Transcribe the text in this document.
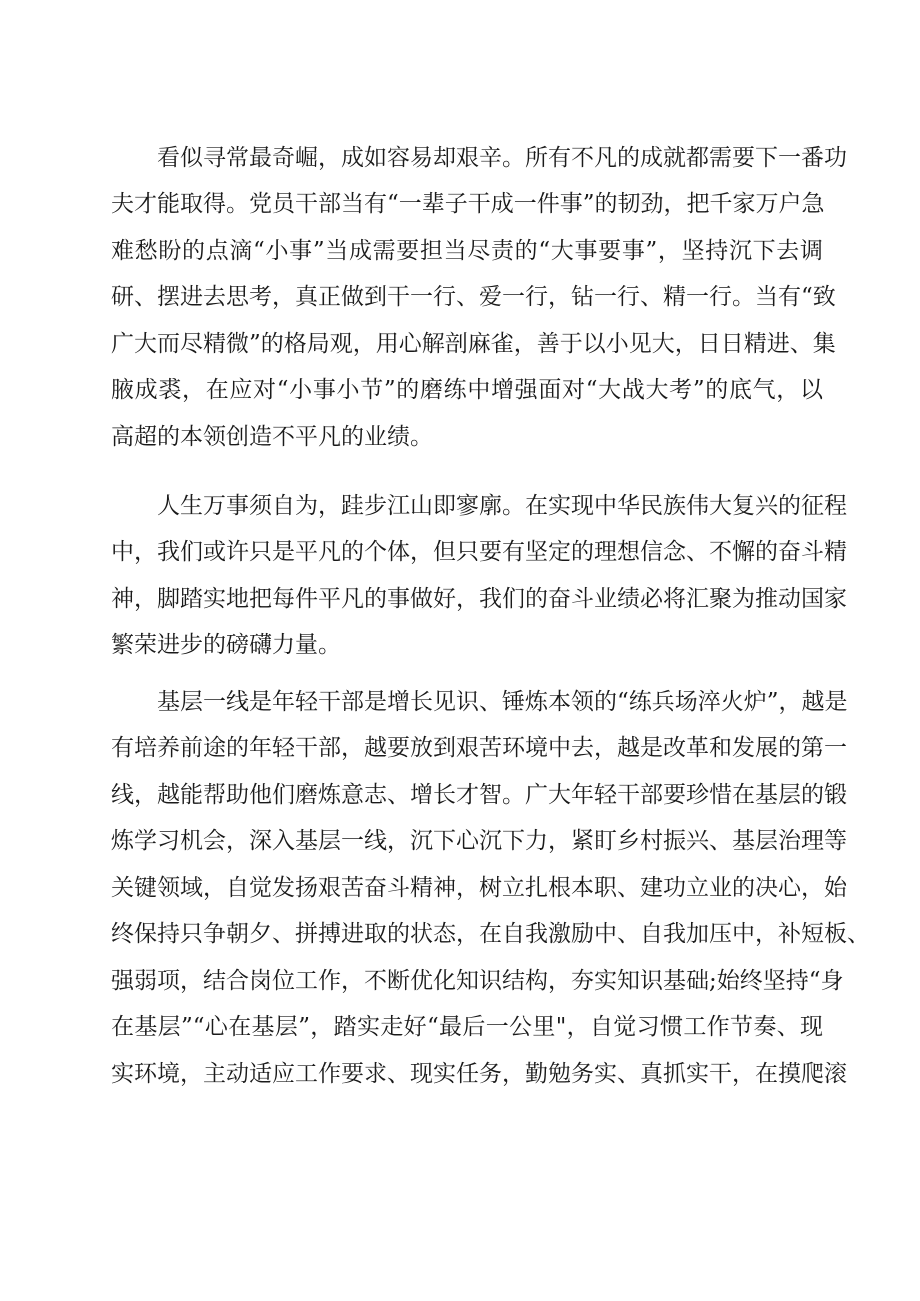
看似寻常最奇崛，成如容易却艰辛。所有不凡的成就都需要下一番功
夫才能取得。党员干部当有“一辈子干成一件事”的韧劲，把千家万户急
难愁盼的点滴“小事”当成需要担当尽责的“大事要事”，坚持沉下去调
研、摆进去思考，真正做到干一行、爱一行，钻一行、精一行。当有“致
广大而尽精微”的格局观，用心解剖麻雀，善于以小见大，日日精进、集
腋成裘，在应对“小事小节”的磨练中增强面对“大战大考”的底气，以
高超的本领创造不平凡的业绩。
人生万事须自为，跬步江山即寥廓。在实现中华民族伟大复兴的征程
中，我们或许只是平凡的个体，但只要有坚定的理想信念、不懈的奋斗精
神，脚踏实地把每件平凡的事做好，我们的奋斗业绩必将汇聚为推动国家
繁荣进步的磅礴力量。
基层一线是年轻干部是增长见识、锤炼本领的“练兵场淬火炉”，越是
有培养前途的年轻干部，越要放到艰苦环境中去，越是改革和发展的第一
线，越能帮助他们磨炼意志、增长才智。广大年轻干部要珍惜在基层的锻
炼学习机会，深入基层一线，沉下心沉下力，紧盯乡村振兴、基层治理等
关键领域，自觉发扬艰苦奋斗精神，树立扎根本职、建功立业的决心，始
终保持只争朝夕、拼搏进取的状态，在自我激励中、自我加压中，补短板、
强弱项，结合岗位工作，不断优化知识结构，夯实知识基础;始终坚持“身
在基层”“心在基层”，踏实走好“最后一公里"，自觉习惯工作节奏、现
实环境，主动适应工作要求、现实任务，勤勉务实、真抓实干，在摸爬滚
